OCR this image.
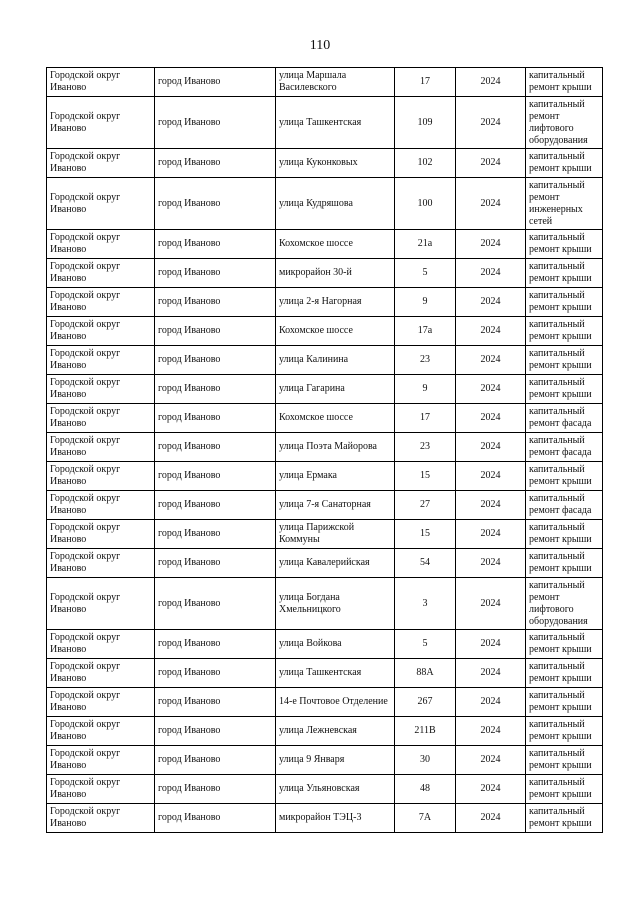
110
Городской округ Иваново	город Иваново	улица Маршала Василевского	17	2024	капитальный ремонт крыши
Городской округ Иваново	город Иваново	улица Ташкентская	109	2024	капитальный ремонт лифтового оборудования
Городской округ Иваново	город Иваново	улица Куконковых	102	2024	капитальный ремонт крыши
Городской округ Иваново	город Иваново	улица Кудряшова	100	2024	капитальный ремонт инженерных сетей
Городской округ Иваново	город Иваново	Кохомское шоссе	21а	2024	капитальный ремонт крыши
Городской округ Иваново	город Иваново	микрорайон 30-й	5	2024	капитальный ремонт крыши
Городской округ Иваново	город Иваново	улица 2-я Нагорная	9	2024	капитальный ремонт крыши
Городской округ Иваново	город Иваново	Кохомское шоссе	17а	2024	капитальный ремонт крыши
Городской округ Иваново	город Иваново	улица Калинина	23	2024	капитальный ремонт крыши
Городской округ Иваново	город Иваново	улица Гагарина	9	2024	капитальный ремонт крыши
Городской округ Иваново	город Иваново	Кохомское шоссе	17	2024	капитальный ремонт фасада
Городской округ Иваново	город Иваново	улица Поэта Майорова	23	2024	капитальный ремонт фасада
Городской округ Иваново	город Иваново	улица Ермака	15	2024	капитальный ремонт крыши
Городской округ Иваново	город Иваново	улица 7-я Санаторная	27	2024	капитальный ремонт фасада
Городской округ Иваново	город Иваново	улица Парижской Коммуны	15	2024	капитальный ремонт крыши
Городской округ Иваново	город Иваново	улица Кавалерийская	54	2024	капитальный ремонт крыши
Городской округ Иваново	город Иваново	улица Богдана Хмельницкого	3	2024	капитальный ремонт лифтового оборудования
Городской округ Иваново	город Иваново	улица Войкова	5	2024	капитальный ремонт крыши
Городской округ Иваново	город Иваново	улица Ташкентская	88А	2024	капитальный ремонт крыши
Городской округ Иваново	город Иваново	14-е Почтовое Отделение	267	2024	капитальный ремонт крыши
Городской округ Иваново	город Иваново	улица Лежневская	211В	2024	капитальный ремонт крыши
Городской округ Иваново	город Иваново	улица 9 Января	30	2024	капитальный ремонт крыши
Городской округ Иваново	город Иваново	улица Ульяновская	48	2024	капитальный ремонт крыши
Городской округ Иваново	город Иваново	микрорайон ТЭЦ-3	7А	2024	капитальный ремонт крыши
